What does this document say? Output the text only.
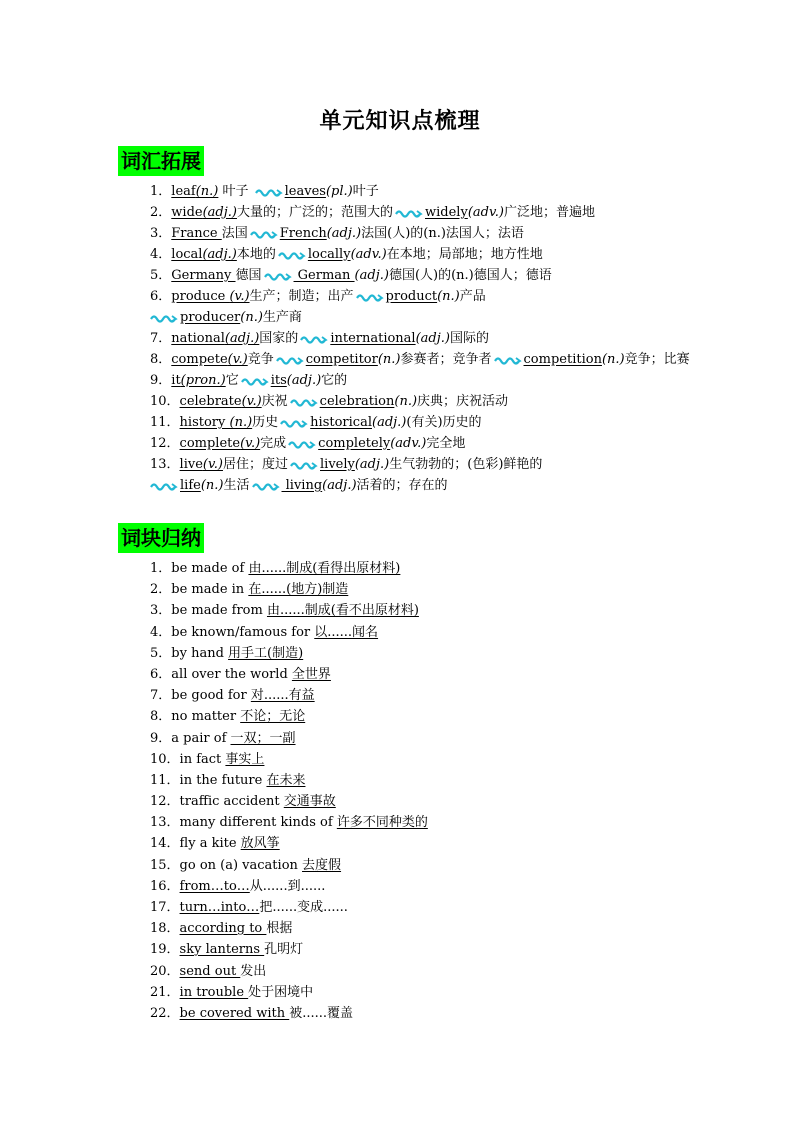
单元知识点梳理
词汇拓展
1．leaf(n.) 叶子
leaves(pl.)叶子
2．wide(adj.)大量的；广泛的；范围大的 widely(adv.)广泛地；普遍地
3．France 法国 French(adj.)法国(人)的(n.)法国人；法语
4．local(adj.)本地的 locally(adv.)在本地；局部地；地方性地
5．Germany 德国
German (adj.)德国(人)的(n.)德国人；德语
6．produce (v.)生产；制造；出产 product(n.)产品
producer(n.)生产商
7．national(adj.)国家的 international(adj.)国际的
8．compete(v.)竞争 competitor(n.)参赛者；竞争者 competition(n.)竞争；比赛
9．it(pron.)它 its(adj.)它的
10．celebrate(v.)庆祝 celebration(n.)庆典；庆祝活动
11．history (n.)历史 historical(adj.)(有关)历史的
12．complete(v.)完成 completely(adv.)完全地
13．live(v.)居住；度过 lively(adj.)生气勃勃的；(色彩)鲜艳的
life(n.)生活
living(adj.)活着的；存在的
词块归纳
1．be made of 由......制成(看得出原材料)
2．be made in 在......(地方)制造
3．be made from 由......制成(看不出原材料)
4．be known/famous for 以......闻名
5．by hand 用手工(制造)
6．all over the world 全世界
7．be good for 对......有益
8．no matter 不论；无论
9．a pair of 一双；一副
10．in fact 事实上
11．in the future 在未来
12．traffic accident 交通事故
13．many different kinds of 许多不同种类的
14．fly a kite 放风筝
15．go on (a) vacation 去度假
16．from…to…从......到......
17．turn…into…把......变成......
18．according to 根据
19．sky lanterns 孔明灯
20．send out 发出
21．in trouble 处于困境中
22．be covered with 被......覆盖
